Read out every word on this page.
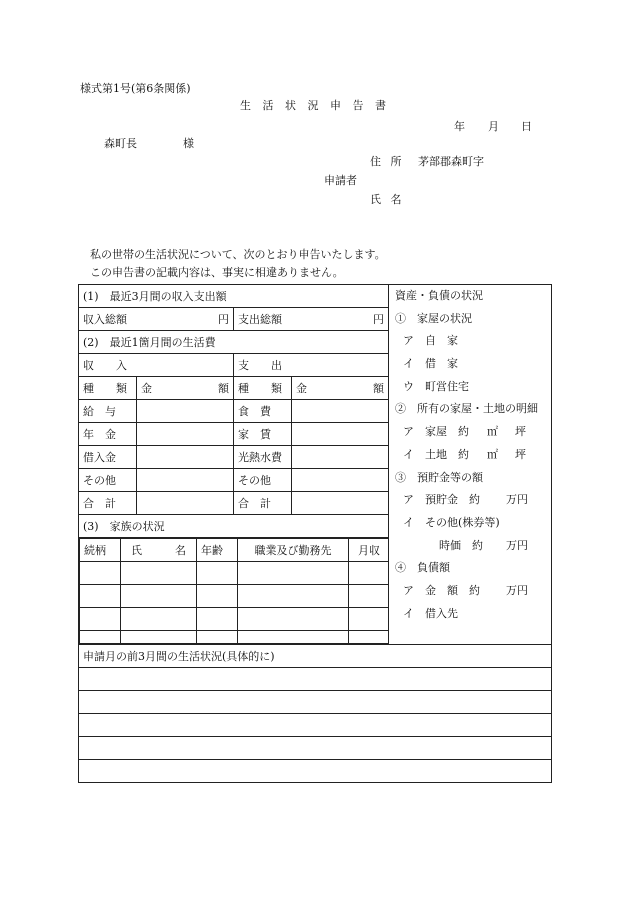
様式第1号(第6条関係)
生 活 状 況 申 告 書
年 月 日
森町長	様
住 所 茅部郡森町字
申請者
氏 名
私の世帯の生活状況について、次のとおり申告いたします。
この申告書の記載内容は、事実に相違ありません。
(1)　最近3月間の収入支出額	資産・負債の状況
①　家屋の状況
ア　自　家
イ　借　家
ウ　町営住宅
②　所有の家屋・土地の明細
ア　家屋　約	㎡	坪
イ　土地　約	㎡	坪
③　預貯金等の額
ア　預貯金　約	万円
イ　その他(株券等)
時価　約	万円
④　負債額
ア　金　額　約	万円
イ　借入先

収入総額	円	支出総額	円

(2)　最近1箇月間の生活費
収　　入	支　　出
種　　類	金	額	種　　類	金	額

給　与		食　費	
年　金		家　賃	
借入金		光熱水費	
その他		その他	
合　計		合　計	
(3)　家族の状況

続柄	氏	名	年齢	職業及び勤務先	月収

申請月の前3月間の生活状況(具体的に)
